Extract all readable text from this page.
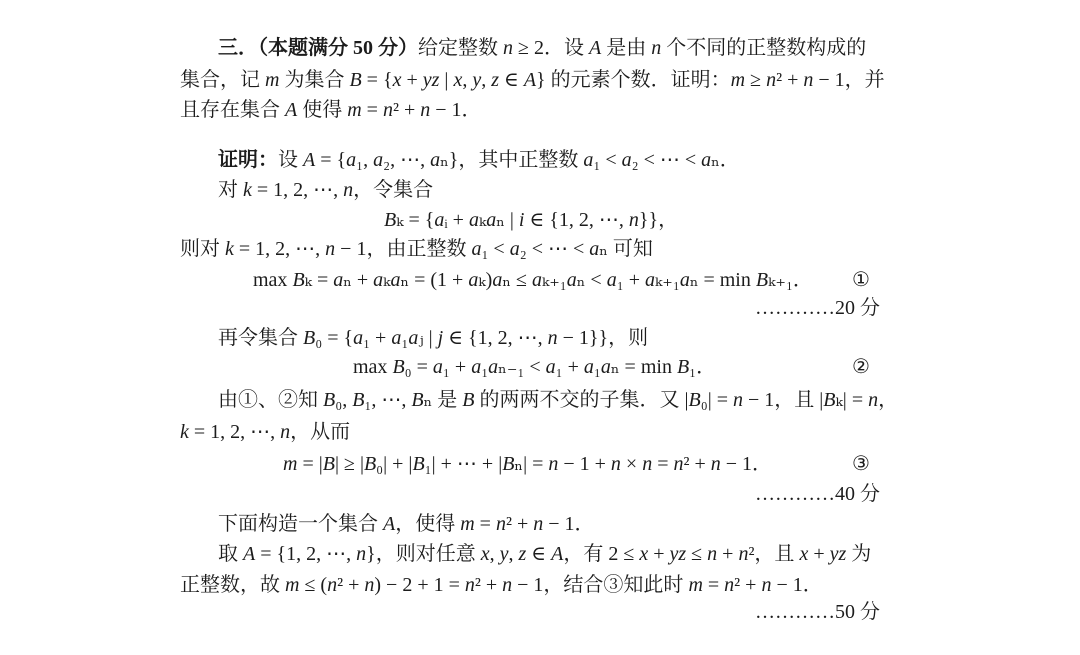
三．（本题满分 50 分）给定整数 n ≥ 2．设 A 是由 n 个不同的正整数构成的
集合，记 m 为集合 B = {x + yz | x, y, z ∈ A} 的元素个数．证明：m ≥ n² + n − 1，并
且存在集合 A 使得 m = n² + n − 1．
证明：设 A = {a₁, a₂, ⋯, aₙ}，其中正整数 a₁ < a₂ < ⋯ < aₙ．
对 k = 1, 2, ⋯, n，令集合
Bₖ = {aᵢ + aₖaₙ | i ∈ {1, 2, ⋯, n}}，
则对 k = 1, 2, ⋯, n − 1，由正整数 a₁ < a₂ < ⋯ < aₙ 可知
max Bₖ = aₙ + aₖaₙ = (1 + aₖ)aₙ ≤ aₖ₊₁aₙ < a₁ + aₖ₊₁aₙ = min Bₖ₊₁． ①
…………20 分
再令集合 B₀ = {a₁ + a₁aⱼ | j ∈ {1, 2, ⋯, n − 1}}，则
max B₀ = a₁ + a₁aₙ₋₁ < a₁ + a₁aₙ = min B₁．	②
由①、②知 B₀, B₁, ⋯, Bₙ 是 B 的两两不交的子集．又 |B₀| = n − 1，且 |Bₖ| = n，
k = 1, 2, ⋯, n，从而
m = |B| ≥ |B₀| + |B₁| + ⋯ + |Bₙ| = n − 1 + n × n = n² + n − 1．	③
…………40 分
下面构造一个集合 A，使得 m = n² + n − 1．
取 A = {1, 2, ⋯, n}，则对任意 x, y, z ∈ A，有 2 ≤ x + yz ≤ n + n²，且 x + yz 为
正整数，故 m ≤ (n² + n) − 2 + 1 = n² + n − 1，结合③知此时 m = n² + n − 1．
…………50 分
